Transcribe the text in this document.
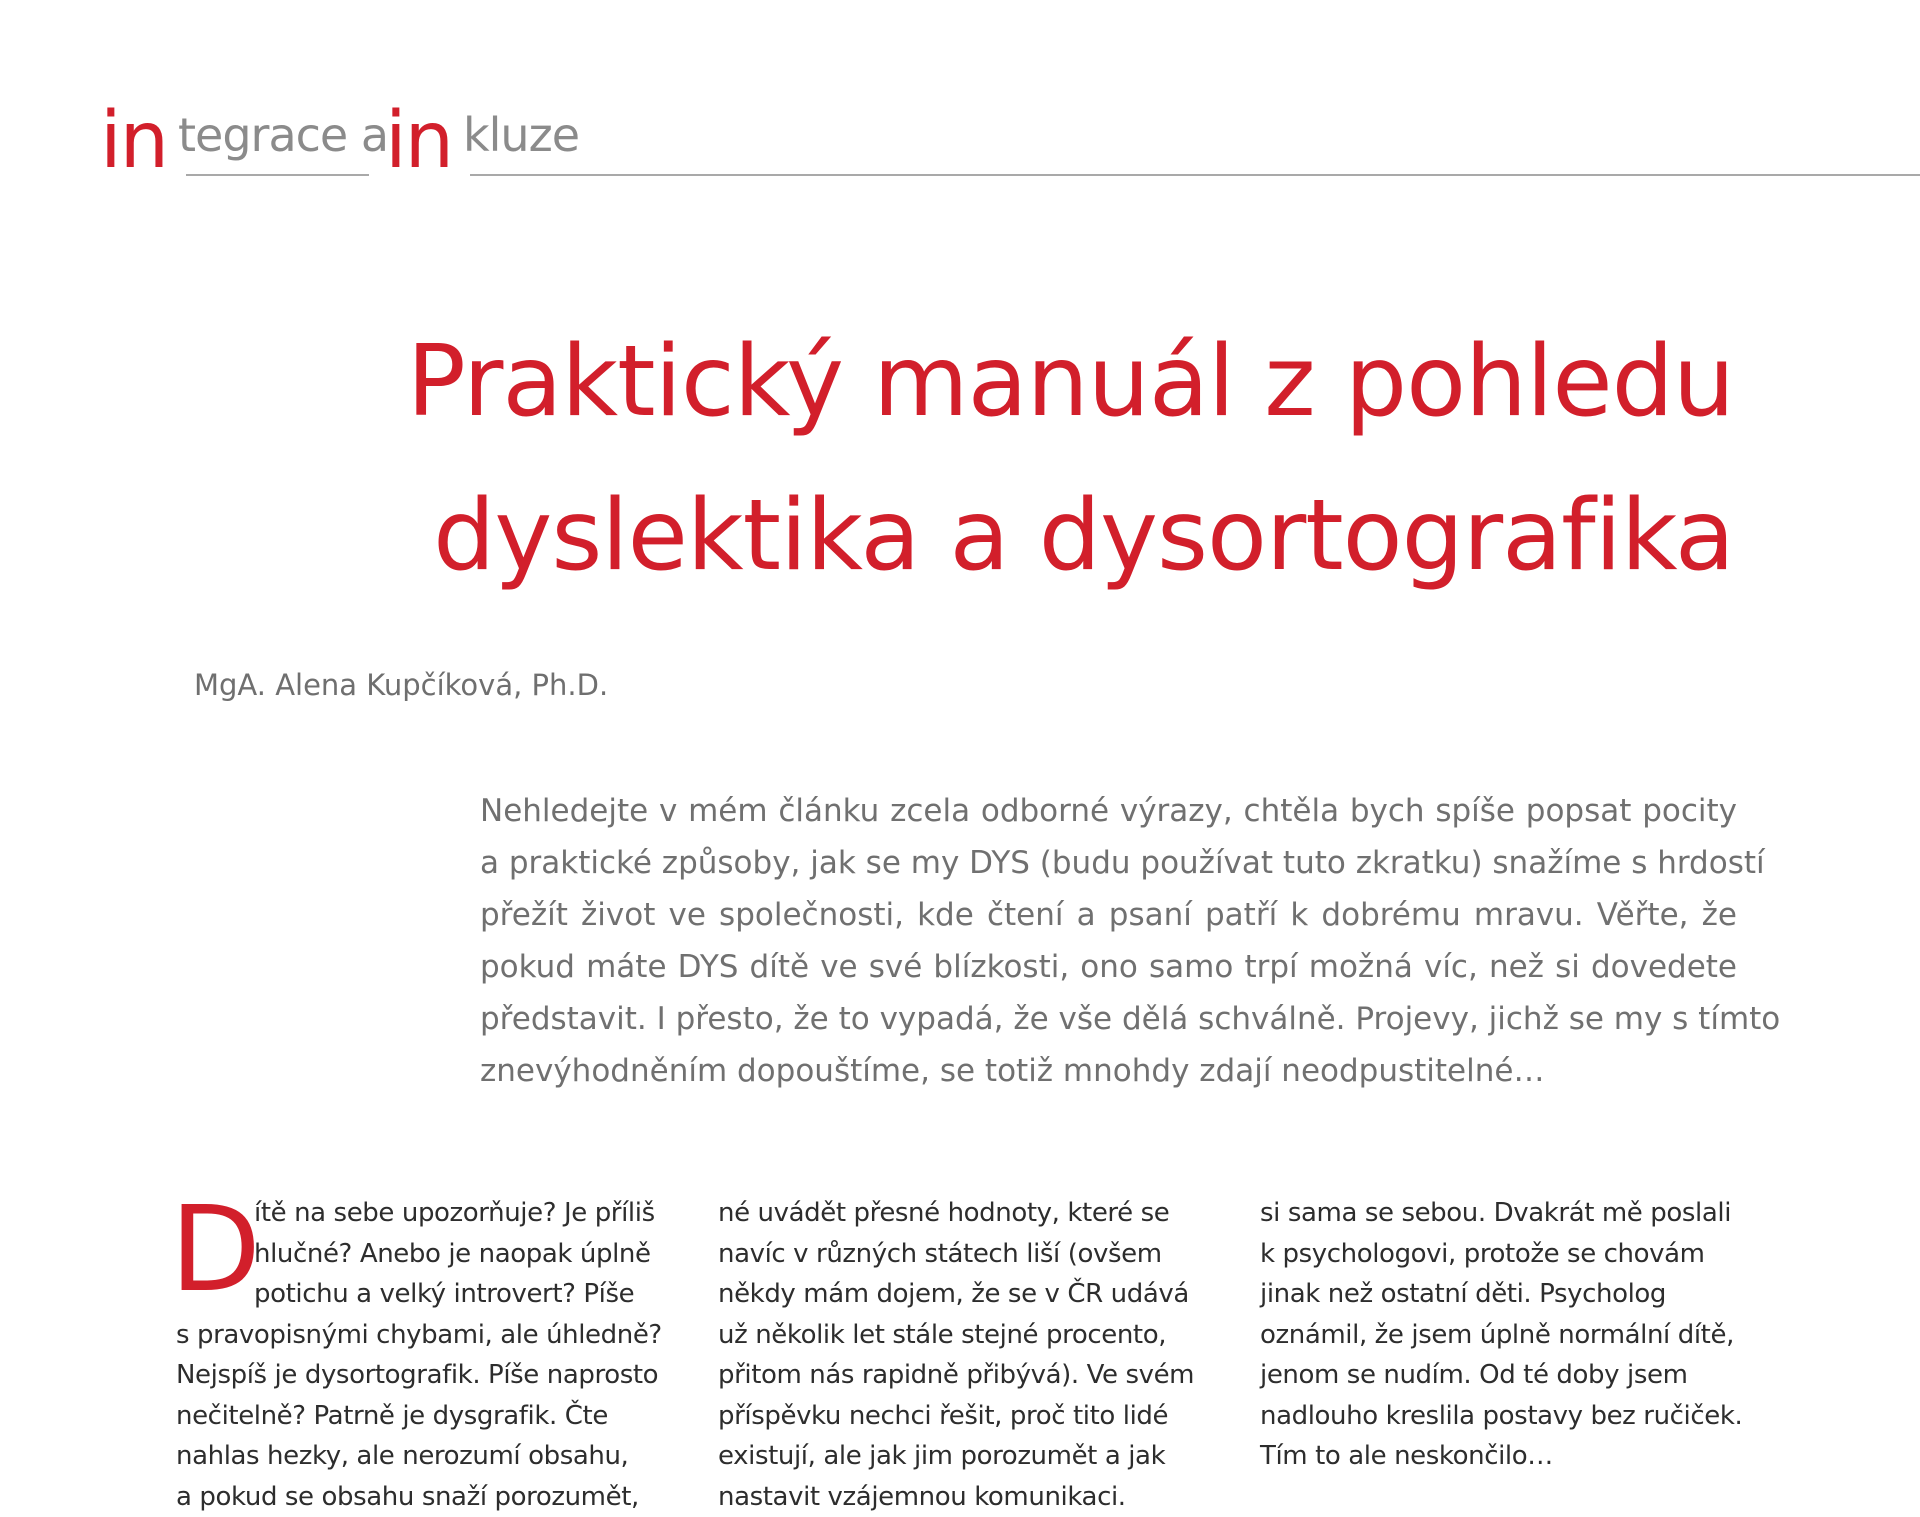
in tegrace a
in kluze
Praktický manuál z pohledu
dyslektika a dysortografika
MgA. Alena Kupčíková, Ph.D.

Nehledejte v mém článku zcela odborné výrazy, chtěla bych spíše popsat pocity
a praktické způsoby, jak se my DYS (budu používat tuto zkratku) snažíme s hrdostí
přežít život ve společnosti, kde čtení a psaní patří k dobrému mravu. Věřte, že
pokud máte DYS dítě ve své blízkosti, ono samo trpí možná víc, než si dovedete
představit. I přesto, že to vypadá, že vše dělá schválně. Projevy, jichž se my s tímto
znevýhodněním dopouštíme, se totiž mnohdy zdají neodpustitelné…

D
ítě na sebe upozorňuje? Je příliš
hlučné? Anebo je naopak úplně
potichu a velký introvert? Píše
s pravopisnými chybami, ale úhledně?
Nejspíš je dysortografik. Píše naprosto
nečitelně? Patrně je dysgrafik. Čte
nahlas hezky, ale nerozumí obsahu,
a pokud se obsahu snaží porozumět,
né uvádět přesné hodnoty, které se
navíc v různých státech liší (ovšem
někdy mám dojem, že se v ČR udává
už několik let stále stejné procento,
přitom nás rapidně přibývá). Ve svém
příspěvku nechci řešit, proč tito lidé
existují, ale jak jim porozumět a jak
nastavit vzájemnou komunikaci.
si sama se sebou. Dvakrát mě poslali
k psychologovi, protože se chovám
jinak než ostatní děti. Psycholog
oznámil, že jsem úplně normální dítě,
jenom se nudím. Od té doby jsem
nadlouho kreslila postavy bez ručiček.
Tím to ale neskončilo…
